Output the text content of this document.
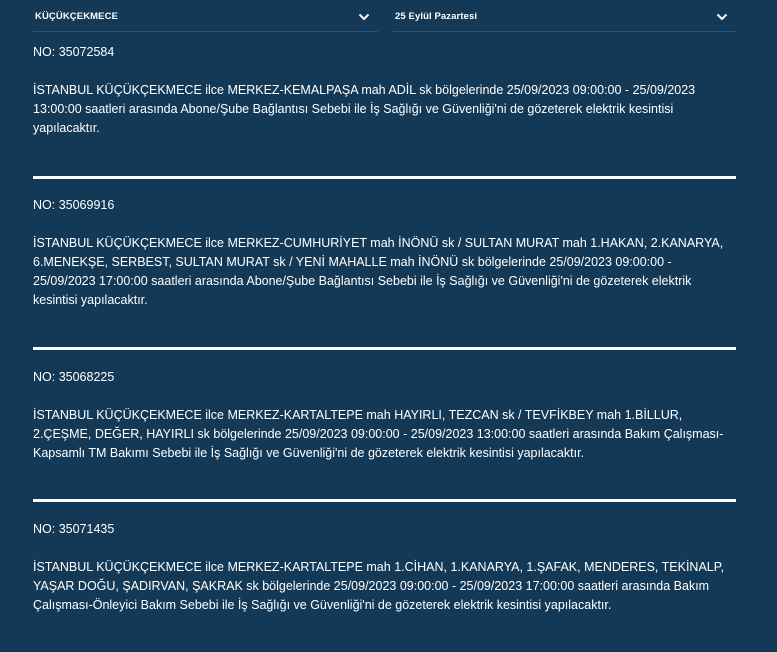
KÜÇÜKÇEKMECE	25 Eylül Pazartesi
NO: 35072584
İSTANBUL KÜÇÜKÇEKMECE ilce MERKEZ-KEMALPAŞA mah ADİL sk bölgelerinde 25/09/2023 09:00:00 - 25/09/2023 13:00:00 saatleri arasında Abone/Şube Bağlantısı Sebebi ile İş Sağlığı ve Güvenliği'ni de gözeterek elektrik kesintisi yapılacaktır.
NO: 35069916
İSTANBUL KÜÇÜKÇEKMECE ilce MERKEZ-CUMHURİYET mah İNÖNÜ sk / SULTAN MURAT mah 1.HAKAN, 2.KANARYA, 6.MENEKŞE, SERBEST, SULTAN MURAT sk / YENİ MAHALLE mah İNÖNÜ sk bölgelerinde 25/09/2023 09:00:00 - 25/09/2023 17:00:00 saatleri arasında Abone/Şube Bağlantısı Sebebi ile İş Sağlığı ve Güvenliği'ni de gözeterek elektrik kesintisi yapılacaktır.
NO: 35068225
İSTANBUL KÜÇÜKÇEKMECE ilce MERKEZ-KARTALTEPE mah HAYIRLI, TEZCAN sk / TEVFİKBEY mah 1.BİLLUR, 2.ÇEŞME, DEĞER, HAYIRLI sk bölgelerinde 25/09/2023 09:00:00 - 25/09/2023 13:00:00 saatleri arasında Bakım Çalışması-Kapsamlı TM Bakımı Sebebi ile İş Sağlığı ve Güvenliği'ni de gözeterek elektrik kesintisi yapılacaktır.
NO: 35071435
İSTANBUL KÜÇÜKÇEKMECE ilce MERKEZ-KARTALTEPE mah 1.CİHAN, 1.KANARYA, 1.ŞAFAK, MENDERES, TEKİNALP, YAŞAR DOĞU, ŞADIRVAN, ŞAKRAK sk bölgelerinde 25/09/2023 09:00:00 - 25/09/2023 17:00:00 saatleri arasında Bakım Çalışması-Önleyici Bakım Sebebi ile İş Sağlığı ve Güvenliği'ni de gözeterek elektrik kesintisi yapılacaktır.
